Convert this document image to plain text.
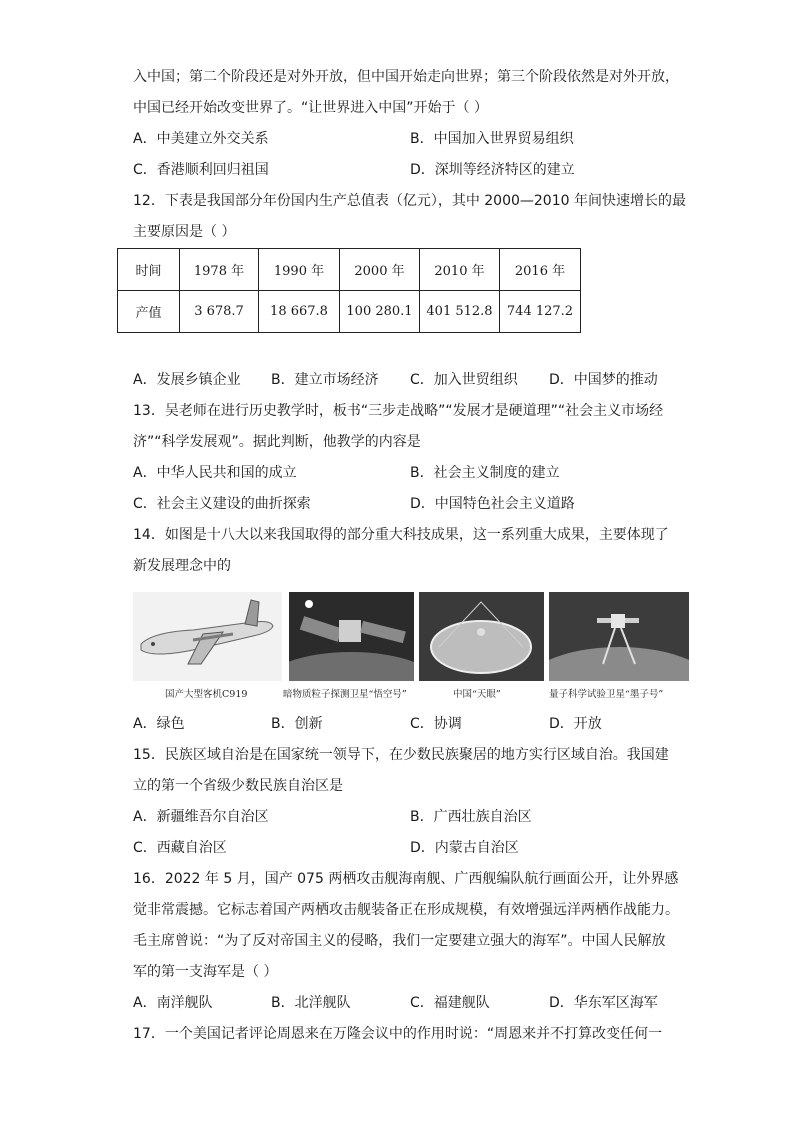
入中国；第二个阶段还是对外开放，但中国开始走向世界；第三个阶段依然是对外开放，
中国已经开始改变世界了。“让世界进入中国”开始于（ ）
A．中美建立外交关系	B．中国加入世界贸易组织
C．香港顺利回归祖国	D．深圳等经济特区的建立
12．下表是我国部分年份国内生产总值表（亿元），其中 2000—2010 年间快速增长的最
主要原因是（ ）
时间	1978 年	1990 年	2000 年	2010 年	2016 年
产值	3 678.7	18 667.8	100 280.1	401 512.8	744 127.2
A．发展乡镇企业 B．建立市场经济 C．加入世贸组织 D．中国梦的推动
13．吴老师在进行历史教学时，板书“三步走战略”“发展才是硬道理”“社会主义市场经
济”“科学发展观”。据此判断，他教学的内容是
A．中华人民共和国的成立	B．社会主义制度的建立
C．社会主义建设的曲折探索	D．中国特色社会主义道路
14．如图是十八大以来我国取得的部分重大科技成果，这一系列重大成果，主要体现了
新发展理念中的
国产大型客机C919	暗物质粒子探测卫星“悟空号”	中国“天眼”	量子科学试验卫星“墨子号”
A．绿色	B．创新	C．协调	D．开放
15．民族区域自治是在国家统一领导下，在少数民族聚居的地方实行区域自治。我国建
立的第一个省级少数民族自治区是
A．新疆维吾尔自治区	B．广西壮族自治区
C．西藏自治区	D．内蒙古自治区
16．2022 年 5 月，国产 075 两栖攻击舰海南舰、广西舰编队航行画面公开，让外界感
觉非常震撼。它标志着国产两栖攻击舰装备正在形成规模，有效增强远洋两栖作战能力。
毛主席曾说：“为了反对帝国主义的侵略，我们一定要建立强大的海军”。中国人民解放
军的第一支海军是（ ）
A．南洋舰队	B．北洋舰队	C．福建舰队	D．华东军区海军
17．一个美国记者评论周恩来在万隆会议中的作用时说：“周恩来并不打算改变任何一
